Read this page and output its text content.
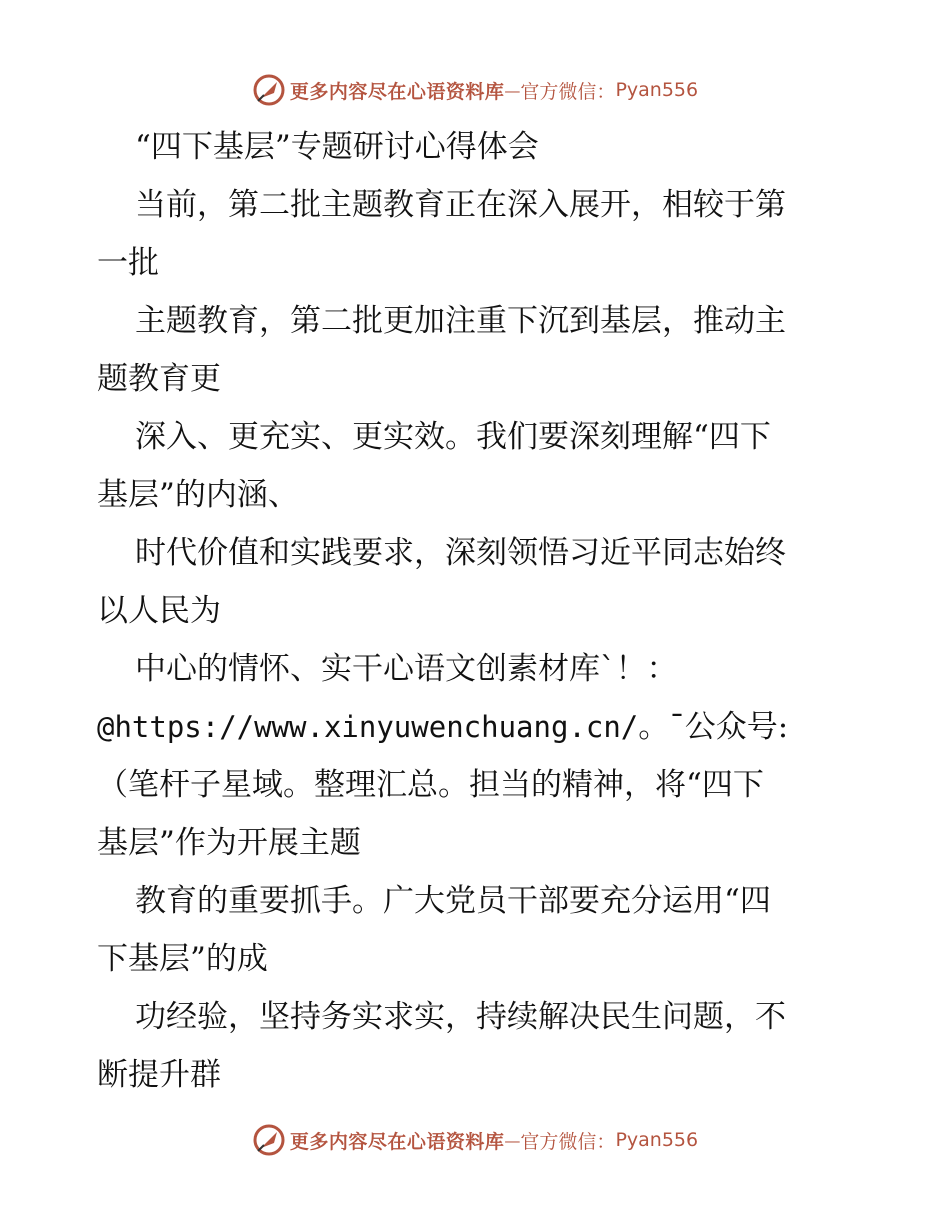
更多内容尽在心语资料库 — 官方微信： Pyan556
“四下基层”专题研讨心得体会
当前，第二批主题教育正在深入展开，相较于第
一批
主题教育，第二批更加注重下沉到基层，推动主
题教育更
深入、更充实、更实效。我们要深刻理解“四下
基层”的内涵、
时代价值和实践要求，深刻领悟习近平同志始终
以人民为
中心的情怀、实干心语文创素材库`！：
@https://www.xinyuwenchuang.cn/。¯公众号:
（笔杆子星域。整理汇总。担当的精神，将“四下
基层”作为开展主题
教育的重要抓手。广大党员干部要充分运用“四
下基层”的成
功经验，坚持务实求实，持续解决民生问题，不
断提升群
更多内容尽在心语资料库 — 官方微信： Pyan556
